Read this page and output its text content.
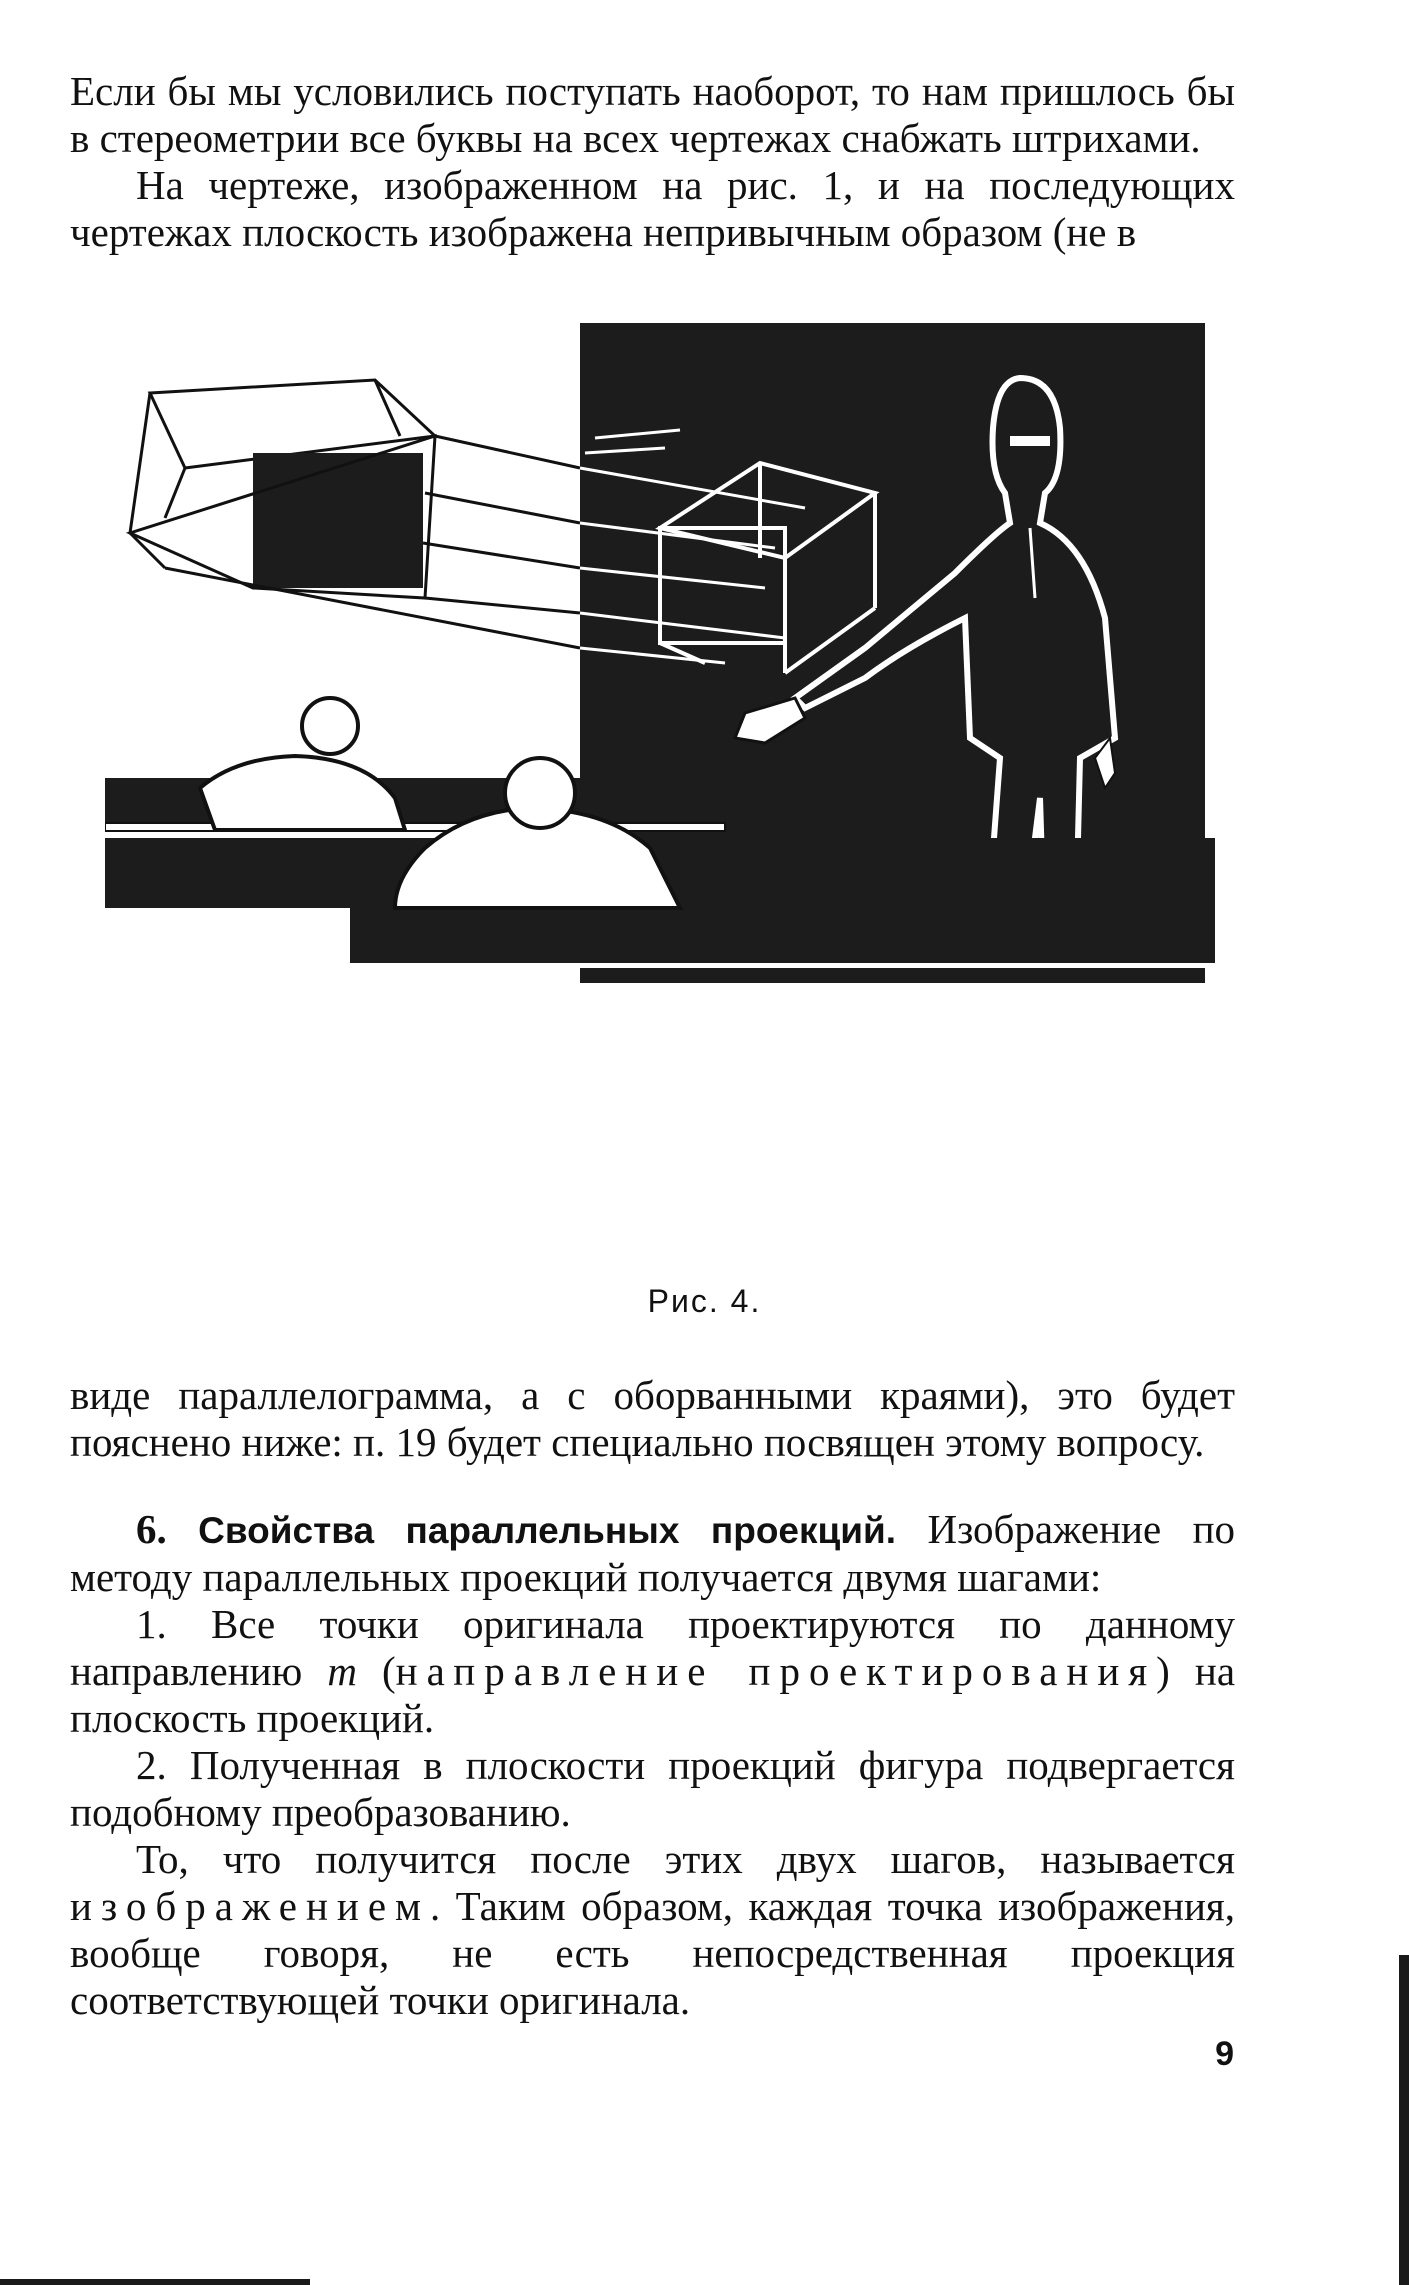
Если бы мы условились поступать наоборот, то нам пришлось бы в стереометрии все буквы на всех чертежах снабжать штрихами.

На чертеже, изображенном на рис. 1, и на последующих чертежах плоскость изображена непривычным образом (не в

Рис. 4.

виде параллелограмма, а с оборванными краями), это будет пояснено ниже: п. 19 будет специально посвящен этому вопросу.

6. Свойства параллельных проекций. Изображение по методу параллельных проекций получается двумя шагами:

1. Все точки оригинала проектируются по данному направлению m (направление проектирования) на плоскость проекций.

2. Полученная в плоскости проекций фигура подвергается подобному преобразованию.

То, что получится после этих двух шагов, называется изображением. Таким образом, каждая точка изображения, вообще говоря, не есть непосредственная проекция соответствующей точки оригинала.

9
